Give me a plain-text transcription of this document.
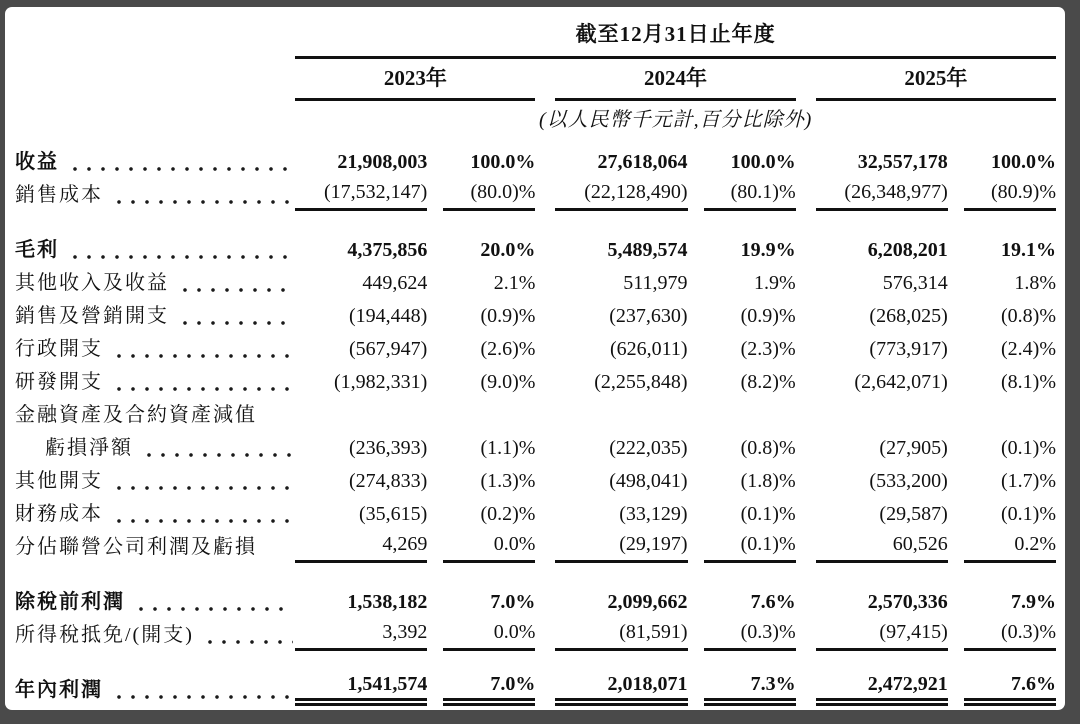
	截至12月31日止年度										
	2023年				2024年				2025年		
	(以人民幣千元計,百分比除外)										

收益	21,908,003		100.0%		27,618,064		100.0%		32,557,178		100.0%

銷售成本	(17,532,147)		(80.0)%		(22,128,490)		(80.1)%		(26,348,977)		(80.9)%

毛利	4,375,856		20.0%		5,489,574		19.9%		6,208,201		19.1%

其他收入及收益	449,624		2.1%		511,979		1.9%		576,314		1.8%

銷售及營銷開支	(194,448)		(0.9)%		(237,630)		(0.9)%		(268,025)		(0.8)%

行政開支	(567,947)		(2.6)%		(626,011)		(2.3)%		(773,917)		(2.4)%

研發開支	(1,982,331)		(9.0)%		(2,255,848)		(8.2)%		(2,642,071)		(8.1)%

金融資產及合約資產減值											

虧損淨額	(236,393)		(1.1)%		(222,035)		(0.8)%		(27,905)		(0.1)%

其他開支	(274,833)		(1.3)%		(498,041)		(1.8)%		(533,200)		(1.7)%

財務成本	(35,615)		(0.2)%		(33,129)		(0.1)%		(29,587)		(0.1)%

分佔聯營公司利潤及虧損	4,269		0.0%		(29,197)		(0.1)%		60,526		0.2%

除稅前利潤	1,538,182		7.0%		2,099,662		7.6%		2,570,336		7.9%

所得稅抵免/(開支)	3,392		0.0%		(81,591)		(0.3)%		(97,415)		(0.3)%

年內利潤	1,541,574		7.0%		2,018,071		7.3%		2,472,921		7.6%
